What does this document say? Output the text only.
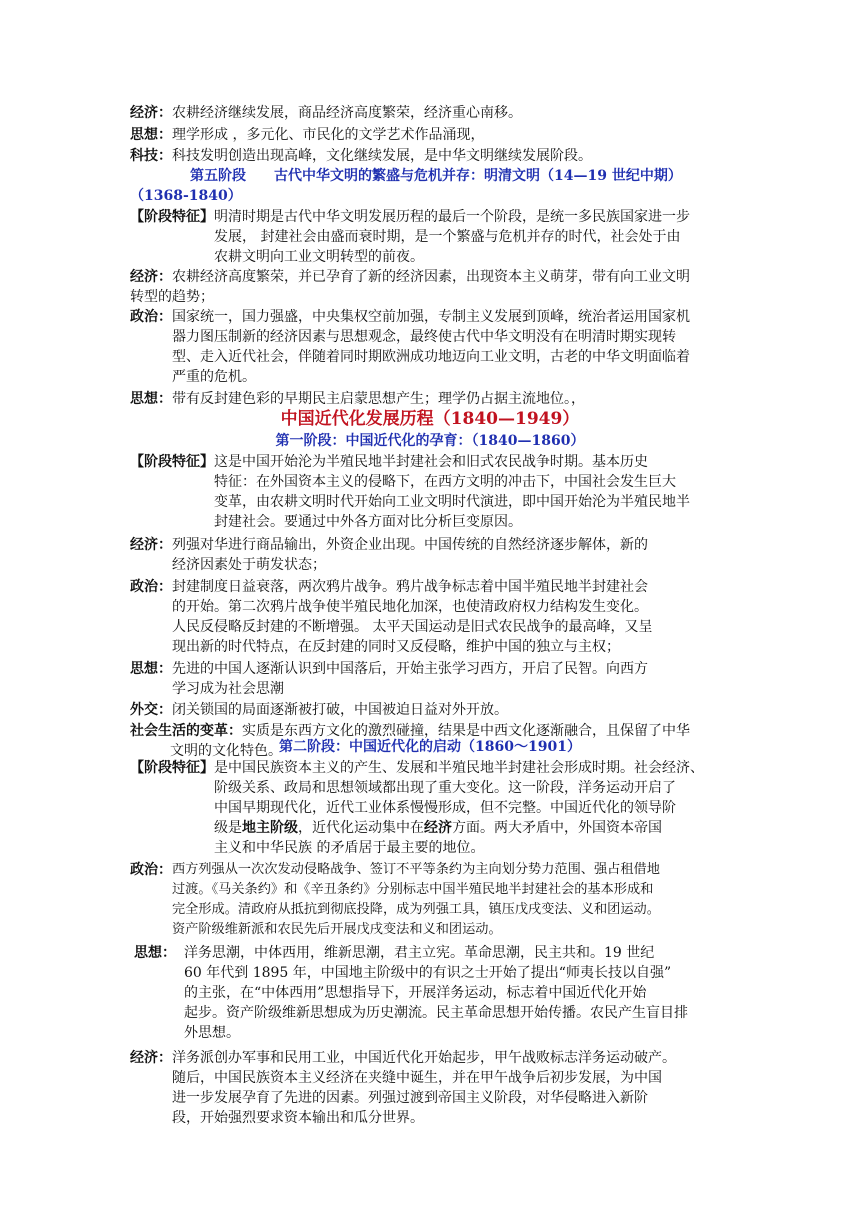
经济：农耕经济继续发展，商品经济高度繁荣，经济重心南移。
思想：理学形成 ，多元化、市民化的文学艺术作品涌现，
科技：科技发明创造出现高峰，文化继续发展，是中华文明继续发展阶段。
第五阶段　　古代中华文明的繁盛与危机并存：明清文明（14—19 世纪中期）
（1368-1840）
【阶段特征】 明清时期是古代中华文明发展历程的最后一个阶段，是统一多民族国家进一步
发展， 封建社会由盛而衰时期，是一个繁盛与危机并存的时代，社会处于由
农耕文明向工业文明转型的前夜。
经济：农耕经济高度繁荣，并已孕育了新的经济因素，出现资本主义萌芽，带有向工业文明
转型的趋势；
政治： 国家统一，国力强盛，中央集权空前加强，专制主义发展到顶峰，统治者运用国家机
器力图压制新的经济因素与思想观念，最终使古代中华文明没有在明清时期实现转
型、走入近代社会，伴随着同时期欧洲成功地迈向工业文明，古老的中华文明面临着
严重的危机。
思想：带有反封建色彩的早期民主启蒙思想产生；理学仍占据主流地位。，
中国近代化发展历程（1840—1949）
第一阶段：中国近代化的孕育：（1840—1860）
【阶段特征】 这是中国开始沦为半殖民地半封建社会和旧式农民战争时期。基本历史
特征：在外国资本主义的侵略下，在西方文明的冲击下，中国社会发生巨大
变革，由农耕文明时代开始向工业文明时代演进，即中国开始沦为半殖民地半
封建社会。要通过中外各方面对比分析巨变原因。
经济： 列强对华进行商品输出，外资企业出现。中国传统的自然经济逐步解体，新的
经济因素处于萌发状态；
政治： 封建制度日益衰落，两次鸦片战争。鸦片战争标志着中国半殖民地半封建社会
的开始。第二次鸦片战争使半殖民地化加深，也使清政府权力结构发生变化。
人民反侵略反封建的不断增强。 太平天国运动是旧式农民战争的最高峰，又呈
现出新的时代特点，在反封建的同时又反侵略，维护中国的独立与主权；
思想： 先进的中国人逐渐认识到中国落后，开始主张学习西方，开启了民智。向西方
学习成为社会思潮
外交：闭关锁国的局面逐渐被打破，中国被迫日益对外开放。
社会生活的变革： 实质是东西方文化的激烈碰撞，结果是中西文化逐渐融合，且保留了中华
文明的文化特色。
第二阶段：中国近代化的启动（1860～1901）
【阶段特征】 是中国民族资本主义的产生、发展和半殖民地半封建社会形成时期。社会经济、
阶级关系、政局和思想领域都出现了重大变化。这一阶段，洋务运动开启了
中国早期现代化，近代工业体系慢慢形成，但不完整。中国近代化的领导阶
级是地主阶级，近代化运动集中在经济方面。两大矛盾中，外国资本帝国
主义和中华民族 的矛盾居于最主要的地位。
政治： 西方列强从一次次发动侵略战争、签订不平等条约为主向划分势力范围、强占租借地
过渡。《马关条约》和《辛丑条约》分别标志中国半殖民地半封建社会的基本形成和
完全形成。清政府从抵抗到彻底投降，成为列强工具，镇压戊戌变法、义和团运动。
资产阶级维新派和农民先后开展戊戌变法和义和团运动。
思想： 洋务思潮，中体西用，维新思潮，君主立宪。革命思潮，民主共和。19 世纪
60 年代到 1895 年，中国地主阶级中的有识之士开始了提出“师夷长技以自强”
的主张，在“中体西用”思想指导下，开展洋务运动，标志着中国近代化开始
起步。资产阶级维新思想成为历史潮流。民主革命思想开始传播。农民产生盲目排
外思想。
经济： 洋务派创办军事和民用工业，中国近代化开始起步，甲午战败标志洋务运动破产。
随后，中国民族资本主义经济在夹缝中诞生，并在甲午战争后初步发展，为中国
进一步发展孕育了先进的因素。列强过渡到帝国主义阶段，对华侵略进入新阶
段，开始强烈要求资本输出和瓜分世界。
